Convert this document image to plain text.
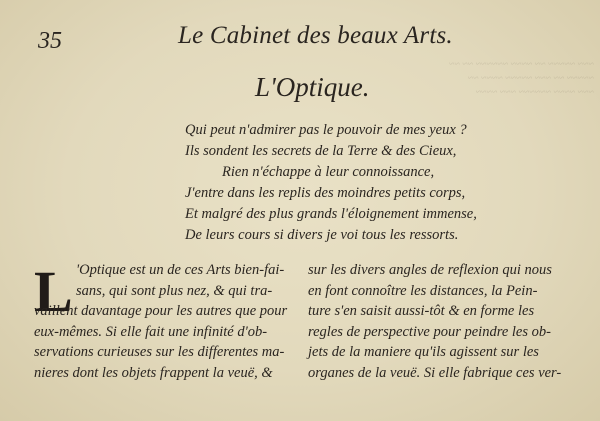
~~~ ~~~~~ ~~ ~~~~ ~~~~~~ ~~ ~~
~~~~~ ~~ ~~~ ~~~~~ ~~~~ ~~
~~~ ~~~~ ~~~~~~ ~~~ ~~~~
35	Le Cabinet des beaux Arts.
L'Optique.
Qui peut n'admirer pas le pouvoir de mes yeux ?
Ils sondent les secrets de la Terre & des Cieux,
Rien n'échappe à leur connoissance,
J'entre dans les replis des moindres petits corps,
Et malgré des plus grands l'éloignement immense,
De leurs cours si divers je voi tous les ressorts.
L 'Optique est un de ces Arts bien-fai-
sans, qui sont plus nez, & qui tra-
vaillent davantage pour les autres que pour
eux-mêmes. Si elle fait une infinité d'ob-
servations curieuses sur les differentes ma-
nieres dont les objets frappent la veuë, &
sur les divers angles de reflexion qui nous
en font connoître les distances, la Pein-
ture s'en saisit aussi-tôt & en forme les
regles de perspective pour peindre les ob-
jets de la maniere qu'ils agissent sur les
organes de la veuë. Si elle fabrique ces ver-
